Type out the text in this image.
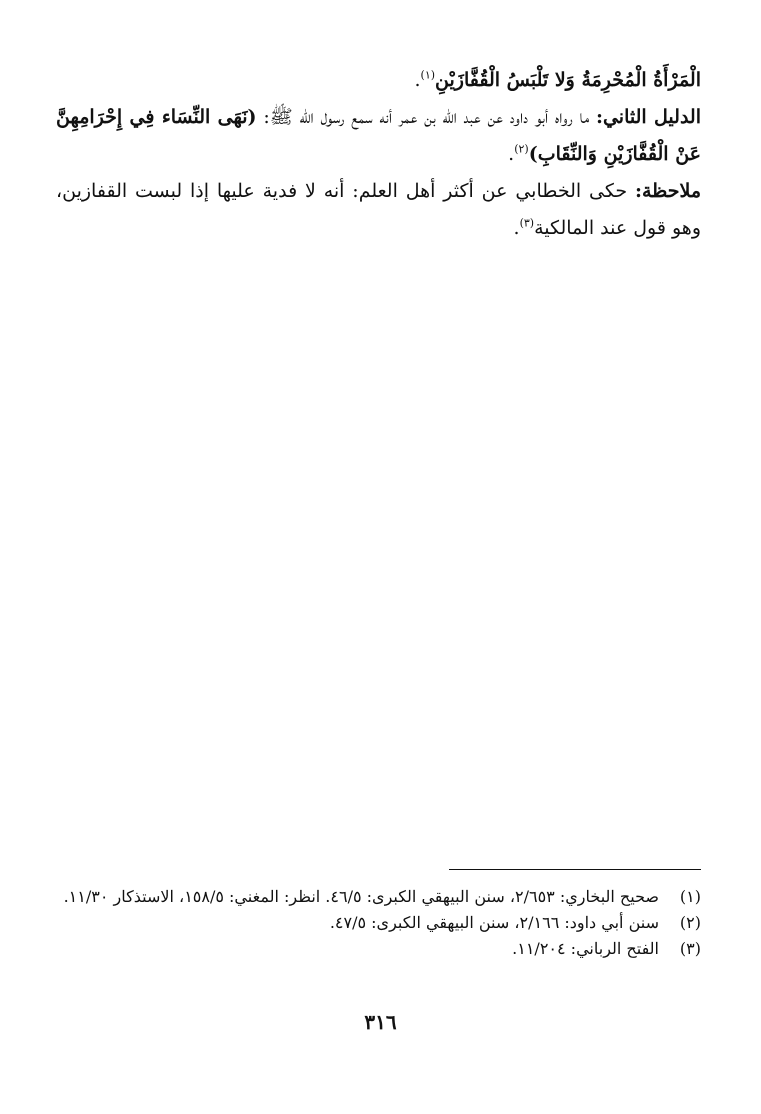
الْمَرْأَةُ الْمُحْرِمَةُ وَلا تَلْبَسُ الْقُفَّازَيْنِ$^{(١)}$.

الدليل الثاني: ما رواه أبو داود عن عبد الله بن عمر أنه سمع رسول الله ﷺ: (نَهَى النِّسَاء فِي إِحْرَامِهِنَّ عَنْ الْقُفَّازَيْنِ وَالنِّقَابِ)$^{(٢)}$.

ملاحظة: حكى الخطابي عن أكثر أهل العلم: أنه لا فدية عليها إذا لبست القفازين، وهو قول عند المالكية$^{(٣)}$.

(١)
صحيح البخاري: ٢/٦٥٣، سنن البيهقي الكبرى: ٤٦/٥. انظر: المغني: ١٥٨/٥، الاستذكار ١١/٣٠.
(٢)
سنن أبي داود: ٢/١٦٦، سنن البيهقي الكبرى: ٤٧/٥.
(٣)
الفتح الرباني: ١١/٢٠٤.
٣١٦
